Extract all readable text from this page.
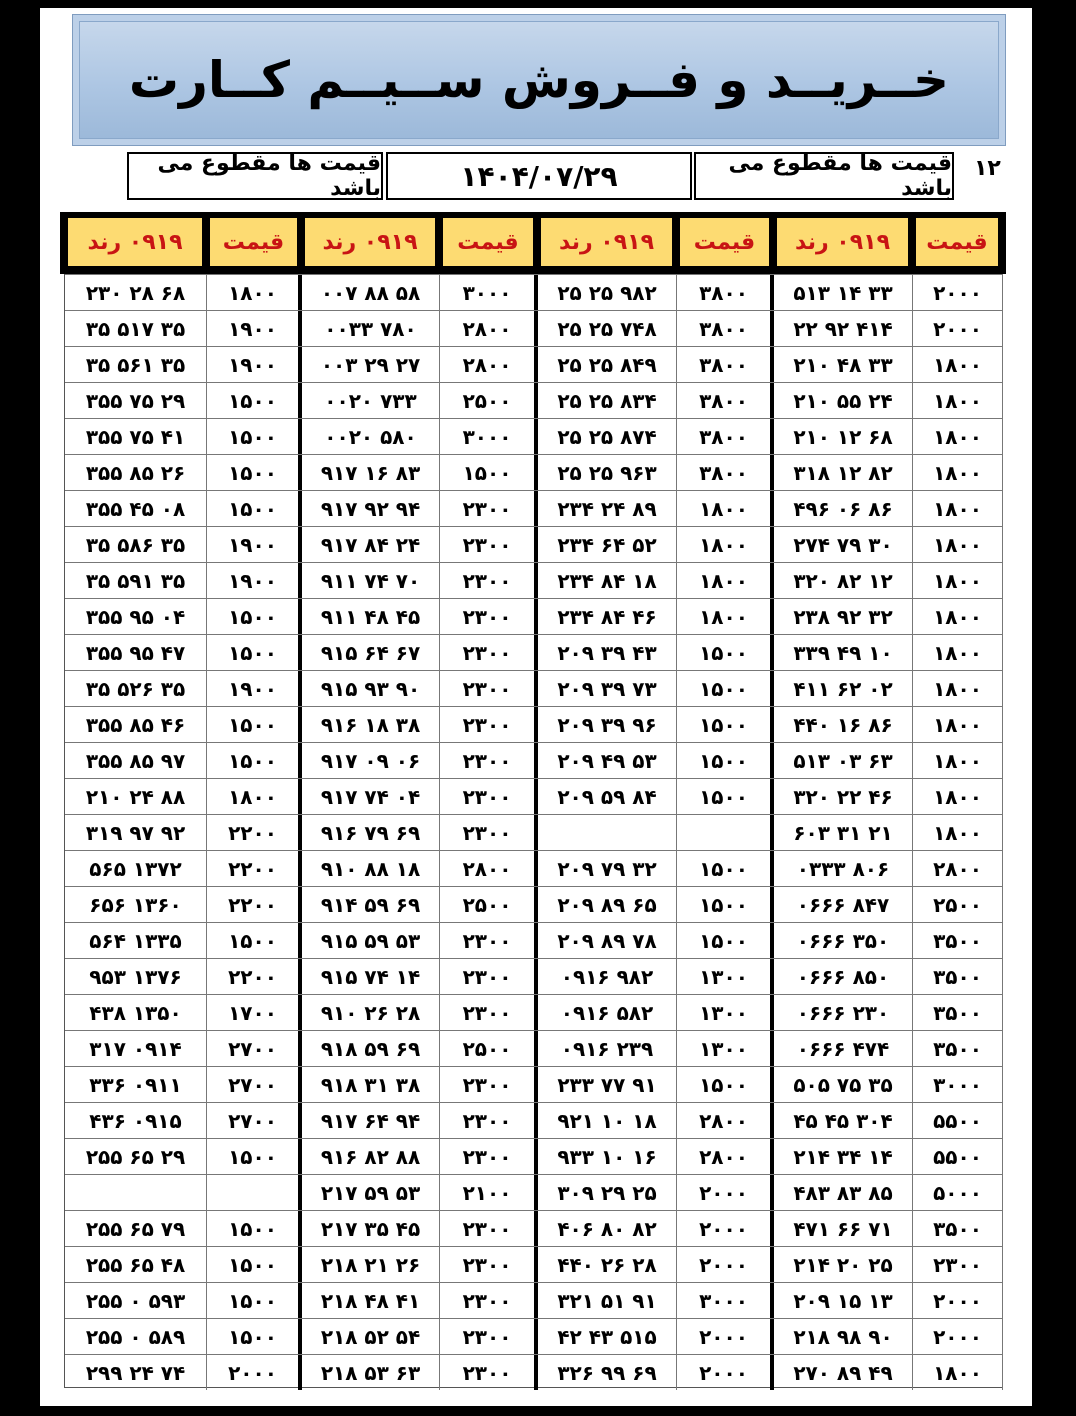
خــریــد و فــروش ســیــم کــارت
قیمت ها مقطوع می باشد	۱۴۰۴/۰۷/۲۹	قیمت ها مقطوع می باشد
۱۲
قیمت
۰۹۱۹ رند
قیمت
۰۹۱۹ رند
قیمت
۰۹۱۹ رند
قیمت
۰۹۱۹ رند
۲۰۰۰
۵۱۳ ۱۴ ۳۳
۳۸۰۰
۲۵ ۲۵ ۹۸۲
۳۰۰۰
۰۰۷ ۸۸ ۵۸
۱۸۰۰
۲۳۰ ۲۸ ۶۸
۲۰۰۰
۲۲ ۹۲ ۴۱۴
۳۸۰۰
۲۵ ۲۵ ۷۴۸
۲۸۰۰
۰۰۳۳ ۷۸۰
۱۹۰۰
۳۵ ۵۱۷ ۳۵
۱۸۰۰
۲۱۰ ۴۸ ۳۳
۳۸۰۰
۲۵ ۲۵ ۸۴۹
۲۸۰۰
۰۰۳ ۲۹ ۲۷
۱۹۰۰
۳۵ ۵۶۱ ۳۵
۱۸۰۰
۲۱۰ ۵۵ ۲۴
۳۸۰۰
۲۵ ۲۵ ۸۳۴
۲۵۰۰
۰۰۲۰ ۷۳۳
۱۵۰۰
۳۵۵ ۷۵ ۲۹
۱۸۰۰
۲۱۰ ۱۲ ۶۸
۳۸۰۰
۲۵ ۲۵ ۸۷۴
۳۰۰۰
۰۰۲۰ ۵۸۰
۱۵۰۰
۳۵۵ ۷۵ ۴۱
۱۸۰۰
۳۱۸ ۱۲ ۸۲
۳۸۰۰
۲۵ ۲۵ ۹۶۳
۱۵۰۰
۹۱۷ ۱۶ ۸۳
۱۵۰۰
۳۵۵ ۸۵ ۲۶
۱۸۰۰
۴۹۶ ۰۶ ۸۶
۱۸۰۰
۲۳۴ ۲۴ ۸۹
۲۳۰۰
۹۱۷ ۹۲ ۹۴
۱۵۰۰
۳۵۵ ۴۵ ۰۸
۱۸۰۰
۲۷۴ ۷۹ ۳۰
۱۸۰۰
۲۳۴ ۶۴ ۵۲
۲۳۰۰
۹۱۷ ۸۴ ۲۴
۱۹۰۰
۳۵ ۵۸۶ ۳۵
۱۸۰۰
۳۲۰ ۸۲ ۱۲
۱۸۰۰
۲۳۴ ۸۴ ۱۸
۲۳۰۰
۹۱۱ ۷۴ ۷۰
۱۹۰۰
۳۵ ۵۹۱ ۳۵
۱۸۰۰
۲۳۸ ۹۲ ۳۲
۱۸۰۰
۲۳۴ ۸۴ ۴۶
۲۳۰۰
۹۱۱ ۴۸ ۴۵
۱۵۰۰
۳۵۵ ۹۵ ۰۴
۱۸۰۰
۳۳۹ ۴۹ ۱۰
۱۵۰۰
۲۰۹ ۳۹ ۴۳
۲۳۰۰
۹۱۵ ۶۴ ۶۷
۱۵۰۰
۳۵۵ ۹۵ ۴۷
۱۸۰۰
۴۱۱ ۶۲ ۰۲
۱۵۰۰
۲۰۹ ۳۹ ۷۳
۲۳۰۰
۹۱۵ ۹۳ ۹۰
۱۹۰۰
۳۵ ۵۲۶ ۳۵
۱۸۰۰
۴۴۰ ۱۶ ۸۶
۱۵۰۰
۲۰۹ ۳۹ ۹۶
۲۳۰۰
۹۱۶ ۱۸ ۳۸
۱۵۰۰
۳۵۵ ۸۵ ۴۶
۱۸۰۰
۵۱۳ ۰۳ ۶۳
۱۵۰۰
۲۰۹ ۴۹ ۵۳
۲۳۰۰
۹۱۷ ۰۹ ۰۶
۱۵۰۰
۳۵۵ ۸۵ ۹۷
۱۸۰۰
۳۲۰ ۲۲ ۴۶
۱۵۰۰
۲۰۹ ۵۹ ۸۴
۲۳۰۰
۹۱۷ ۷۴ ۰۴
۱۸۰۰
۲۱۰ ۲۴ ۸۸
۱۸۰۰
۶۰۳ ۳۱ ۲۱
۲۳۰۰
۹۱۶ ۷۹ ۶۹
۲۲۰۰
۳۱۹ ۹۷ ۹۲
۲۸۰۰
۰۳۳۳ ۸۰۶
۱۵۰۰
۲۰۹ ۷۹ ۳۲
۲۸۰۰
۹۱۰ ۸۸ ۱۸
۲۲۰۰
۵۶۵ ۱۳۷۲
۲۵۰۰
۰۶۶۶ ۸۴۷
۱۵۰۰
۲۰۹ ۸۹ ۶۵
۲۵۰۰
۹۱۴ ۵۹ ۶۹
۲۲۰۰
۶۵۶ ۱۳۶۰
۳۵۰۰
۰۶۶۶ ۳۵۰
۱۵۰۰
۲۰۹ ۸۹ ۷۸
۲۳۰۰
۹۱۵ ۵۹ ۵۳
۱۵۰۰
۵۶۴ ۱۳۳۵
۳۵۰۰
۰۶۶۶ ۸۵۰
۱۳۰۰
۰۹۱۶ ۹۸۲
۲۳۰۰
۹۱۵ ۷۴ ۱۴
۲۲۰۰
۹۵۳ ۱۳۷۶
۳۵۰۰
۰۶۶۶ ۲۳۰
۱۳۰۰
۰۹۱۶ ۵۸۲
۲۳۰۰
۹۱۰ ۲۶ ۲۸
۱۷۰۰
۴۳۸ ۱۳۵۰
۳۵۰۰
۰۶۶۶ ۴۷۴
۱۳۰۰
۰۹۱۶ ۲۳۹
۲۵۰۰
۹۱۸ ۵۹ ۶۹
۲۷۰۰
۳۱۷ ۰۹۱۴
۳۰۰۰
۵۰۵ ۷۵ ۳۵
۱۵۰۰
۲۳۳ ۷۷ ۹۱
۲۳۰۰
۹۱۸ ۳۱ ۳۸
۲۷۰۰
۳۳۶ ۰۹۱۱
۵۵۰۰
۴۵ ۴۵ ۳۰۴
۲۸۰۰
۹۲۱ ۱۰ ۱۸
۲۳۰۰
۹۱۷ ۶۴ ۹۴
۲۷۰۰
۴۳۶ ۰۹۱۵
۵۵۰۰
۲۱۴ ۳۴ ۱۴
۲۸۰۰
۹۳۳ ۱۰ ۱۶
۲۳۰۰
۹۱۶ ۸۲ ۸۸
۱۵۰۰
۲۵۵ ۶۵ ۲۹
۵۰۰۰
۴۸۳ ۸۳ ۸۵
۲۰۰۰
۳۰۹ ۲۹ ۲۵
۲۱۰۰
۲۱۷ ۵۹ ۵۳
۳۵۰۰
۴۷۱ ۶۶ ۷۱
۲۰۰۰
۴۰۶ ۸۰ ۸۲
۲۳۰۰
۲۱۷ ۳۵ ۴۵
۱۵۰۰
۲۵۵ ۶۵ ۷۹
۲۳۰۰
۲۱۴ ۲۰ ۲۵
۲۰۰۰
۴۴۰ ۲۶ ۲۸
۲۳۰۰
۲۱۸ ۲۱ ۲۶
۱۵۰۰
۲۵۵ ۶۵ ۴۸
۲۰۰۰
۲۰۹ ۱۵ ۱۳
۳۰۰۰
۳۲۱ ۵۱ ۹۱
۲۳۰۰
۲۱۸ ۴۸ ۴۱
۱۵۰۰
۲۵۵ ۰ ۵۹۳
۲۰۰۰
۲۱۸ ۹۸ ۹۰
۲۰۰۰
۴۲ ۴۳ ۵۱۵
۲۳۰۰
۲۱۸ ۵۲ ۵۴
۱۵۰۰
۲۵۵ ۰ ۵۸۹
۱۸۰۰
۲۷۰ ۸۹ ۴۹
۲۰۰۰
۳۲۶ ۹۹ ۶۹
۲۳۰۰
۲۱۸ ۵۳ ۶۳
۲۰۰۰
۲۹۹ ۲۴ ۷۴
